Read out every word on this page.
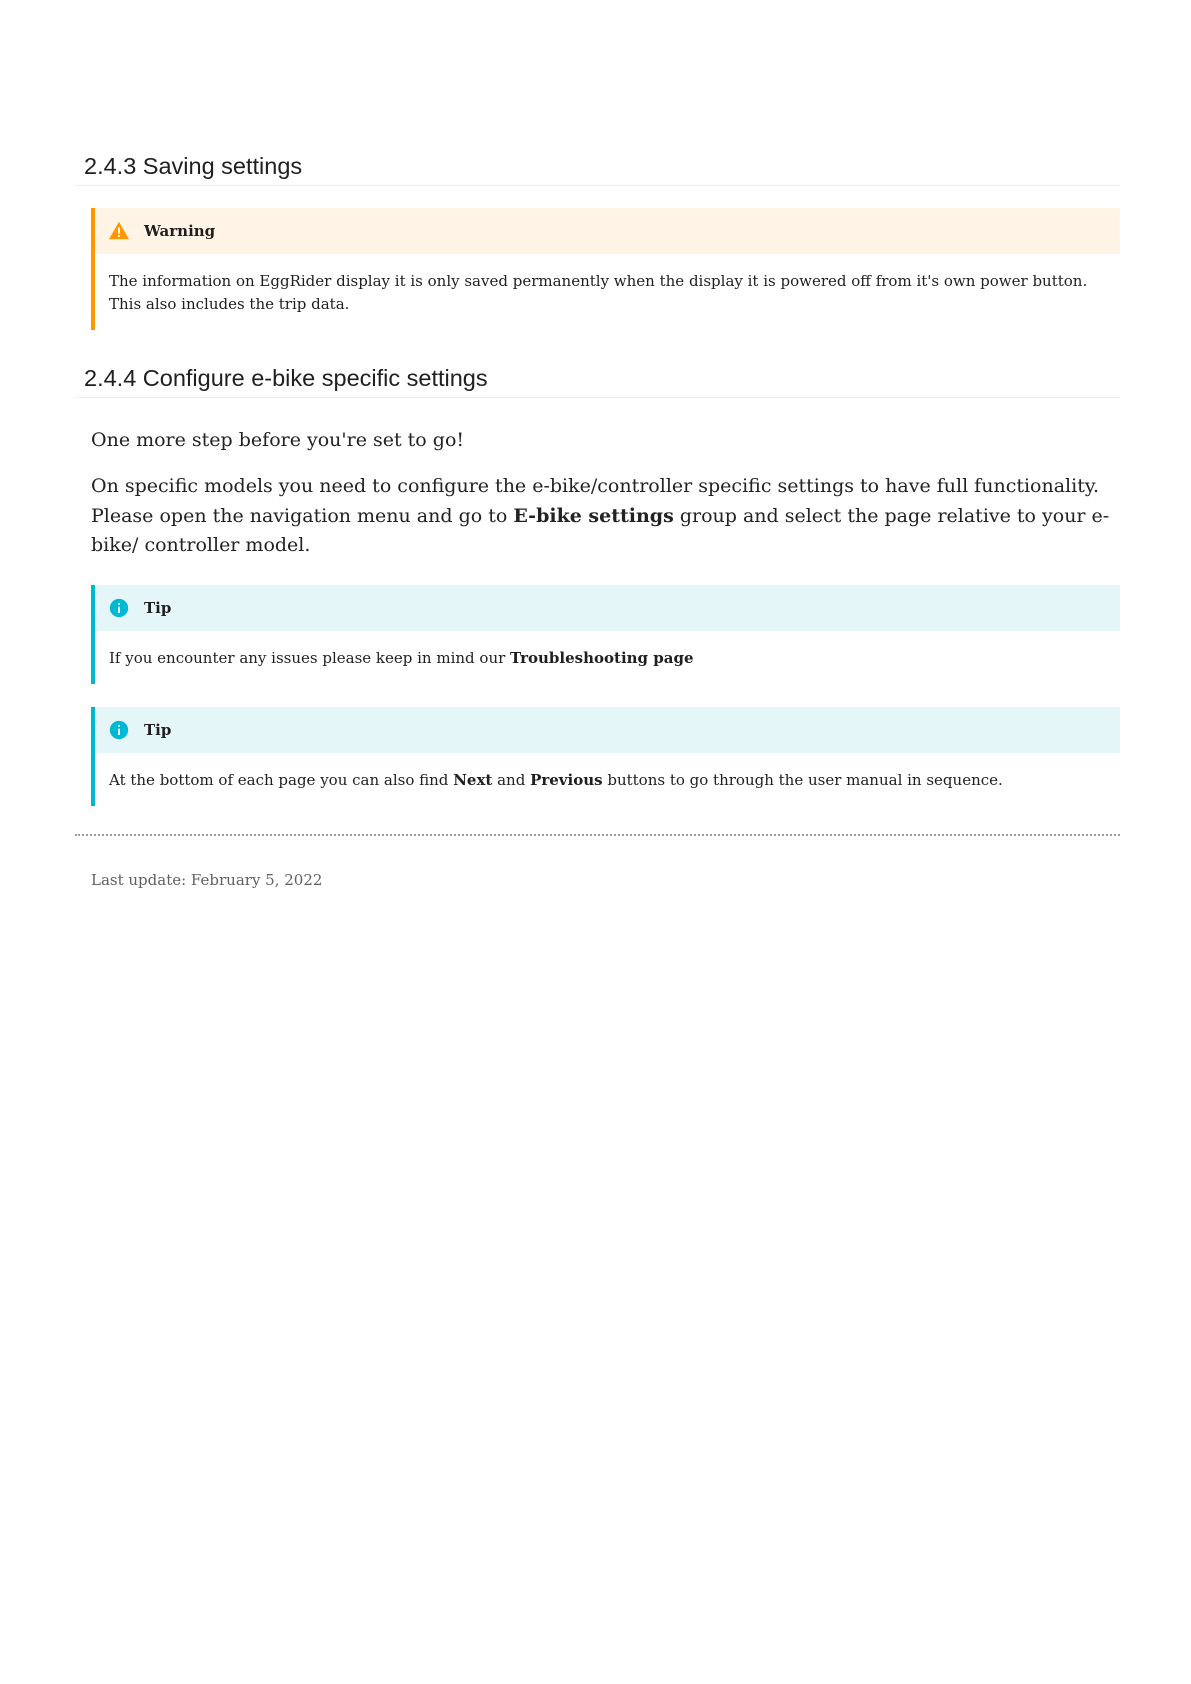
2.4.3 Saving settings
Warning
The information on EggRider display it is only saved permanently when the display it is powered off from it's own power button. This also includes the trip data.
2.4.4 Configure e-bike specific settings

One more step before you're set to go!

On specific models you need to configure the e-bike/controller specific settings to have full functionality. Please open the navigation menu and go to E-bike settings group and select the page relative to your e-bike/ controller model.

Tip
If you encounter any issues please keep in mind our Troubleshooting page
Tip
At the bottom of each page you can also find Next and Previous buttons to go through the user manual in sequence.
Last update: February 5, 2022
